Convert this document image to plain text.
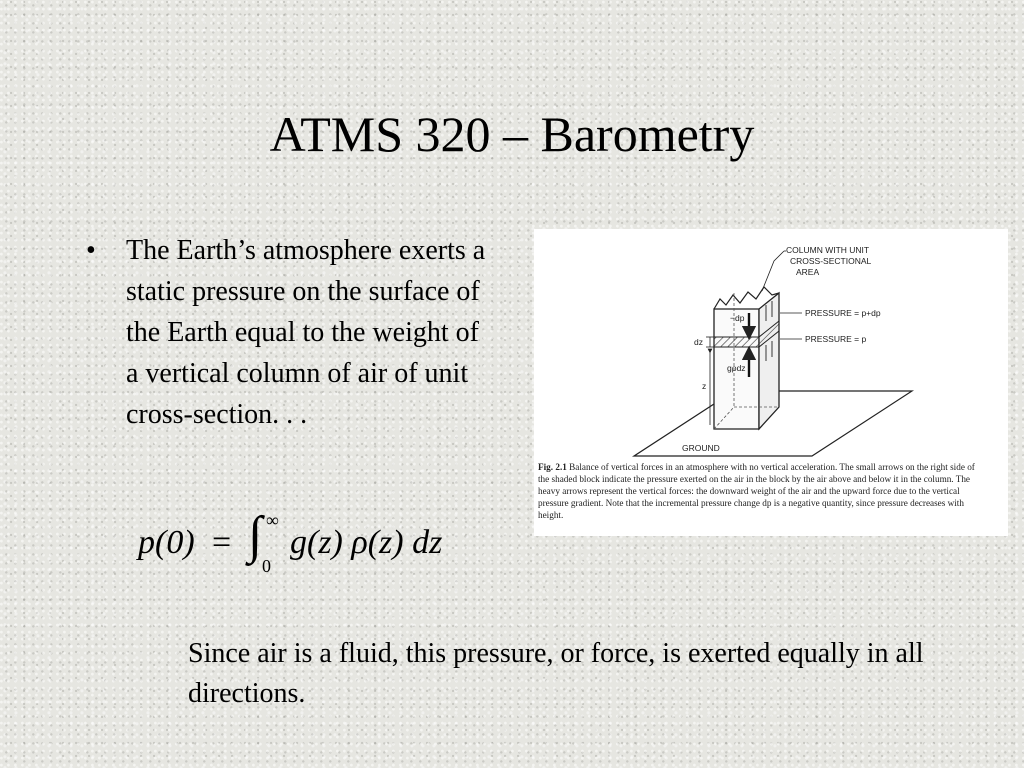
ATMS 320 – Barometry
• The Earth’s atmosphere exerts a static pressure on the surface of the Earth equal to the weight of a vertical column of air of unit cross-section. . .
p(0) = ∫ ∞
0
g(z) ρ(z) dz
COLUMN WITH UNIT
CROSS-SECTIONAL
AREA
PRESSURE = p+dp
PRESSURE = p
−dp
dz
gρdz
z
GROUND
Fig. 2.1 Balance of vertical forces in an atmosphere with no vertical acceleration. The small arrows on the right side of the shaded block indicate the pressure exerted on the air in the block by the air above and below it in the column. The heavy arrows represent the vertical forces: the downward weight of the air and the upward force due to the vertical pressure gradient. Note that the incremental pressure change dp is a negative quantity, since pressure decreases with height.
Since air is a fluid, this pressure, or force, is exerted equally in all directions.
